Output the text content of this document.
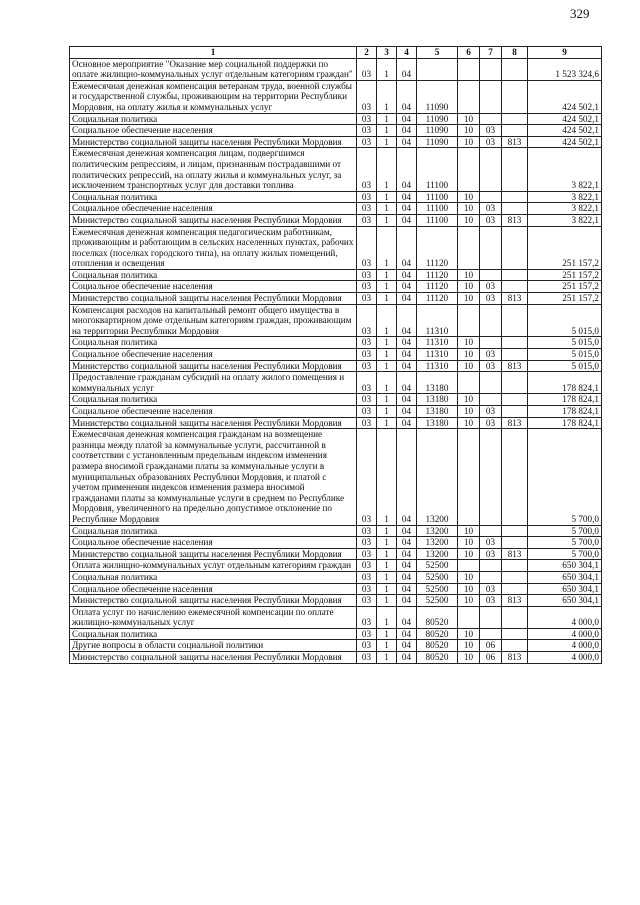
329
1	2	3	4	5	6	7	8	9
Основное мероприятие "Оказание мер социальной поддержки по оплате жилищно-коммунальных услуг отдельным категориям граждан"	03	1	04					1 523 324,6
Ежемесячная денежная компенсация ветеранам труда, военной службы и государственной службы, проживающим на территории Республики Мордовия, на оплату жилья и коммунальных услуг	03	1	04	11090				424 502,1
Социальная политика	03	1	04	11090	10			424 502,1
Социальное обеспечение населения	03	1	04	11090	10	03		424 502,1
Министерство социальной защиты населения Республики Мордовия	03	1	04	11090	10	03	813	424 502,1
Ежемесячная денежная компенсация лицам, подвергшимся политическим репрессиям, и лицам, признанным пострадавшими от политических репрессий, на оплату жилья и коммунальных услуг, за исключением транспортных услуг для доставки топлива	03	1	04	11100				3 822,1
Социальная политика	03	1	04	11100	10			3 822,1
Социальное обеспечение населения	03	1	04	11100	10	03		3 822,1
Министерство социальной защиты населения Республики Мордовия	03	1	04	11100	10	03	813	3 822,1
Ежемесячная денежная компенсация педагогическим работникам, проживающим и работающим в сельских населенных пунктах, рабочих поселках (поселках городского типа), на оплату жилых помещений, отопления и освещения	03	1	04	11120				251 157,2
Социальная политика	03	1	04	11120	10			251 157,2
Социальное обеспечение населения	03	1	04	11120	10	03		251 157,2
Министерство социальной защиты населения Республики Мордовия	03	1	04	11120	10	03	813	251 157,2
Компенсация расходов на капитальный ремонт общего имущества в многоквартирном доме отдельным категориям граждан, проживающим на территории Республики Мордовия	03	1	04	11310				5 015,0
Социальная политика	03	1	04	11310	10			5 015,0
Социальное обеспечение населения	03	1	04	11310	10	03		5 015,0
Министерство социальной защиты населения Республики Мордовия	03	1	04	11310	10	03	813	5 015,0
Предоставление гражданам субсидий на оплату жилого помещения и коммунальных услуг	03	1	04	13180				178 824,1
Социальная политика	03	1	04	13180	10			178 824,1
Социальное обеспечение населения	03	1	04	13180	10	03		178 824,1
Министерство социальной защиты населения Республики Мордовия	03	1	04	13180	10	03	813	178 824,1
Ежемесячная денежная компенсация гражданам на возмещение разницы между платой за коммунальные услуги, рассчитанной в соответствии с установленным предельным индексом изменения размера вносимой гражданами платы за коммунальные услуги в муниципальных образованиях Республики Мордовия, и платой с учетом применения индексов изменения размера вносимой гражданами платы за коммунальные услуги в среднем по Республике Мордовия, увеличенного на предельно допустимое отклонение по Республике Мордовия	03	1	04	13200				5 700,0
Социальная политика	03	1	04	13200	10			5 700,0
Социальное обеспечение населения	03	1	04	13200	10	03		5 700,0
Министерство социальной защиты населения Республики Мордовия	03	1	04	13200	10	03	813	5 700,0
Оплата жилищно-коммунальных услуг отдельным категориям граждан	03	1	04	52500				650 304,1
Социальная политика	03	1	04	52500	10			650 304,1
Социальное обеспечение населения	03	1	04	52500	10	03		650 304,1
Министерство социальной защиты населения Республики Мордовия	03	1	04	52500	10	03	813	650 304,1
Оплата услуг по начислению ежемесячной компенсации по оплате жилищно-коммунальных услуг	03	1	04	80520				4 000,0
Социальная политика	03	1	04	80520	10			4 000,0
Другие вопросы в области социальной политики	03	1	04	80520	10	06		4 000,0
Министерство социальной защиты населения Республики Мордовия	03	1	04	80520	10	06	813	4 000,0
